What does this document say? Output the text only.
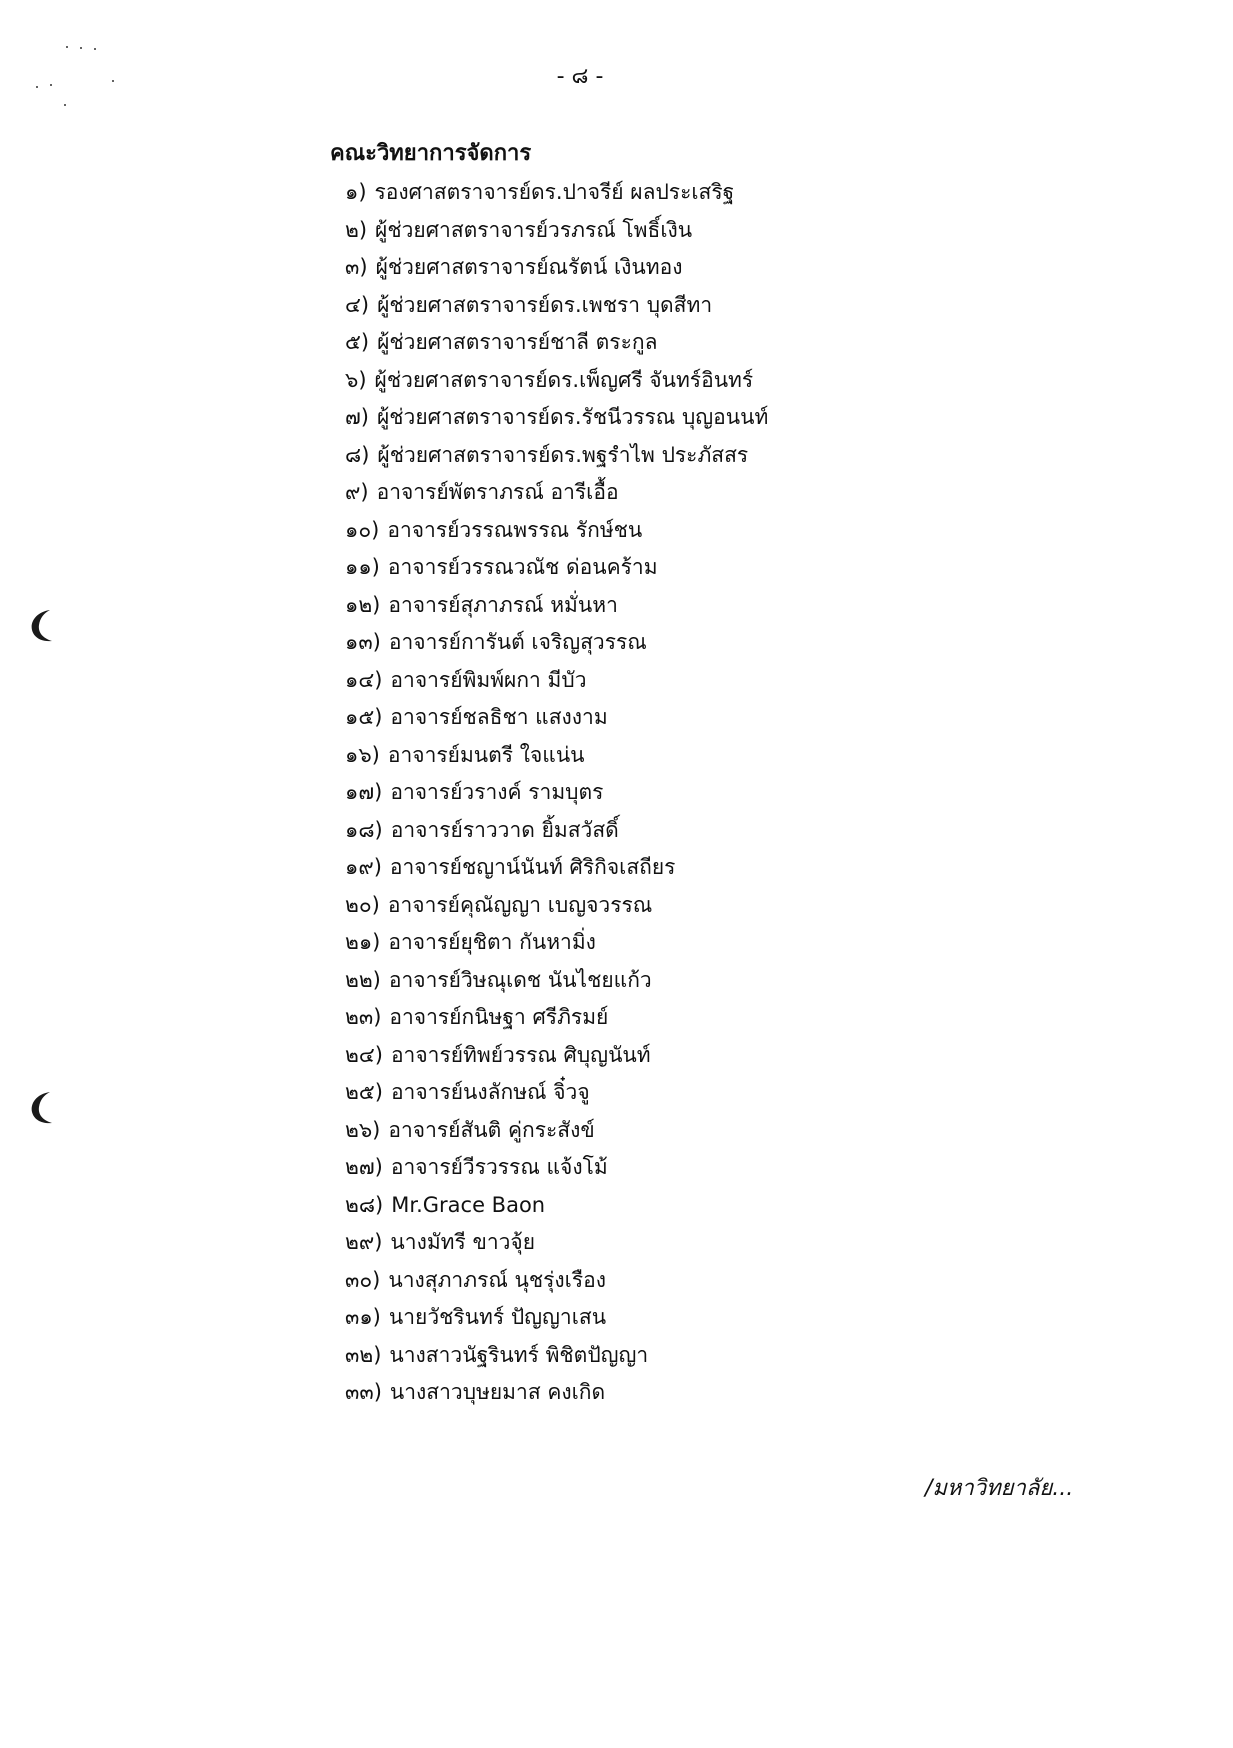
- ๘ -
คณะวิทยาการจัดการ
๑) รองศาสตราจารย์ดร.ปาจรีย์ ผลประเสริฐ
๒) ผู้ช่วยศาสตราจารย์วรภรณ์ โพธิ์เงิน
๓) ผู้ช่วยศาสตราจารย์ณรัตน์ เงินทอง
๔) ผู้ช่วยศาสตราจารย์ดร.เพชรา บุดสีทา
๕) ผู้ช่วยศาสตราจารย์ชาลี ตระกูล
๖) ผู้ช่วยศาสตราจารย์ดร.เพ็ญศรี จันทร์อินทร์
๗) ผู้ช่วยศาสตราจารย์ดร.รัชนีวรรณ บุญอนนท์
๘) ผู้ช่วยศาสตราจารย์ดร.พฐรำไพ ประภัสสร
๙) อาจารย์พัตราภรณ์ อารีเอื้อ
๑๐) อาจารย์วรรณพรรณ รักษ์ชน
๑๑) อาจารย์วรรณวณัช ด่อนคร้าม
๑๒) อาจารย์สุภาภรณ์ หมั่นหา
๑๓) อาจารย์การันต์ เจริญสุวรรณ
๑๔) อาจารย์พิมพ์ผกา มีบัว
๑๕) อาจารย์ชลธิชา แสงงาม
๑๖) อาจารย์มนตรี ใจแน่น
๑๗) อาจารย์วรางค์ รามบุตร
๑๘) อาจารย์ราววาด ยิ้มสวัสดิ์
๑๙) อาจารย์ชญาน์นันท์ ศิริกิจเสถียร
๒๐) อาจารย์คุณัญญา เบญจวรรณ
๒๑) อาจารย์ยุชิตา กันหามิ่ง
๒๒) อาจารย์วิษณุเดช นันไชยแก้ว
๒๓) อาจารย์กนิษฐา ศรีภิรมย์
๒๔) อาจารย์ทิพย์วรรณ ศิบุญนันท์
๒๕) อาจารย์นงลักษณ์ จิ๋วจู
๒๖) อาจารย์สันติ คู่กระสังข์
๒๗) อาจารย์วีรวรรณ แจ้งโม้
๒๘) Mr.Grace Baon
๒๙) นางมัทรี ขาวจุ้ย
๓๐) นางสุภาภรณ์ นุชรุ่งเรือง
๓๑) นายวัชรินทร์ ปัญญาเสน
๓๒) นางสาวนัฐรินทร์ พิชิตปัญญา
๓๓) นางสาวบุษยมาส คงเกิด
/มหาวิทยาลัย...
